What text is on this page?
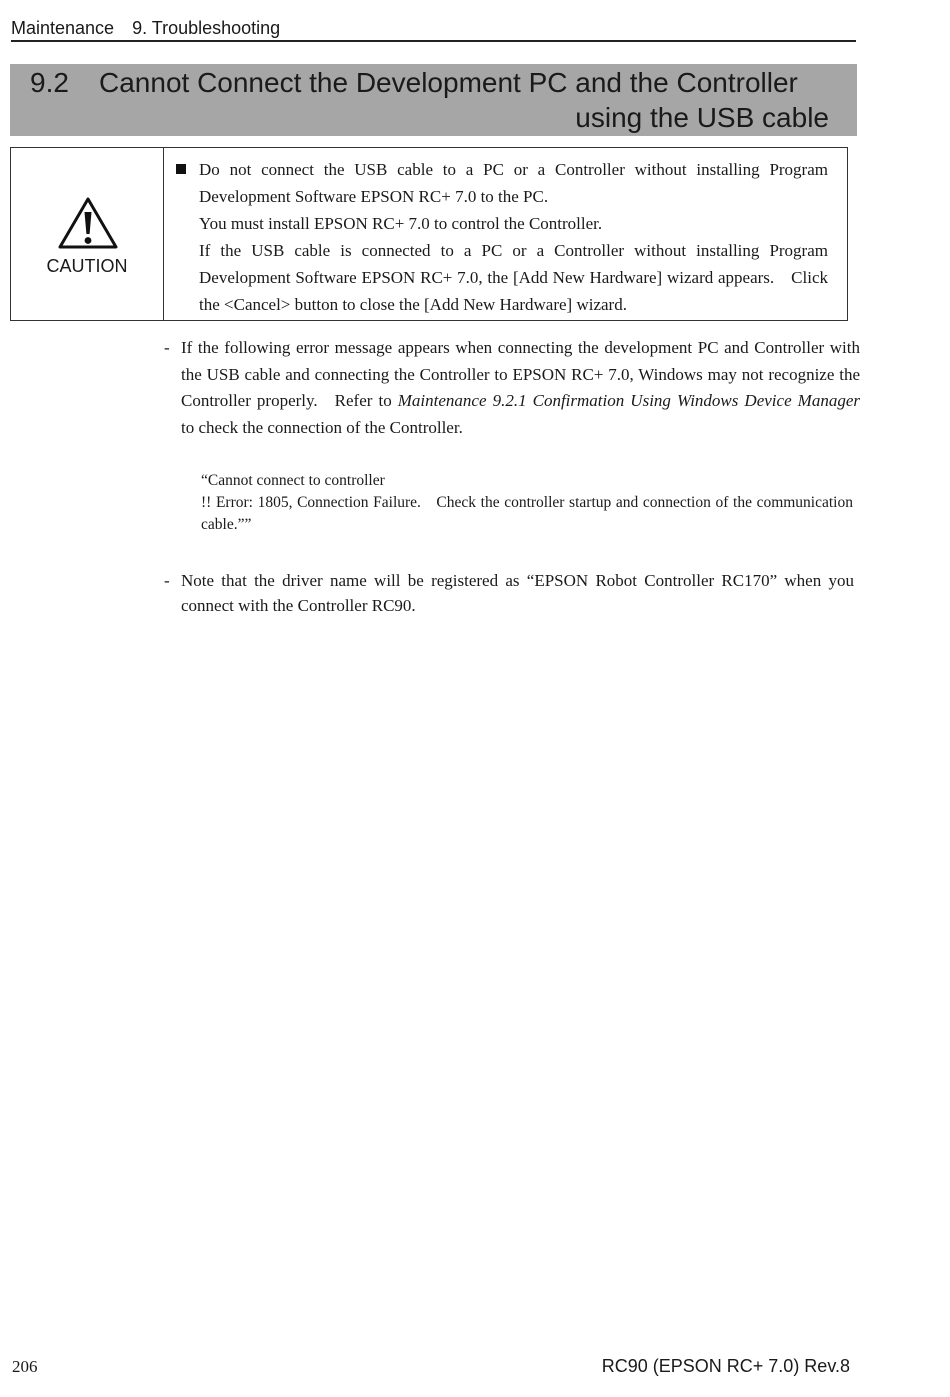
Maintenance 9. Troubleshooting
9.2 Cannot Connect the Development PC and the Controller
using the USB cable
CAUTION

Do not connect the USB cable to a PC or a Controller without installing Program Development Software EPSON RC+ 7.0 to the PC.

You must install EPSON RC+ 7.0 to control the Controller.

If the USB cable is connected to a PC or a Controller without installing Program Development Software EPSON RC+ 7.0, the [Add New Hardware] wizard appears. Click the <Cancel> button to close the [Add New Hardware] wizard.

- If the following error message appears when connecting the development PC and Controller with the USB cable and connecting the Controller to EPSON RC+ 7.0, Windows may not recognize the Controller properly. Refer to Maintenance 9.2.1 Confirmation Using Windows Device Manager to check the connection of the Controller.

“Cannot connect to controller

!! Error: 1805, Connection Failure. Check the controller startup and connection of the communication cable.””

- Note that the driver name will be registered as “EPSON Robot Controller RC170” when you connect with the Controller RC90.
206	RC90 (EPSON RC+ 7.0) Rev.8
